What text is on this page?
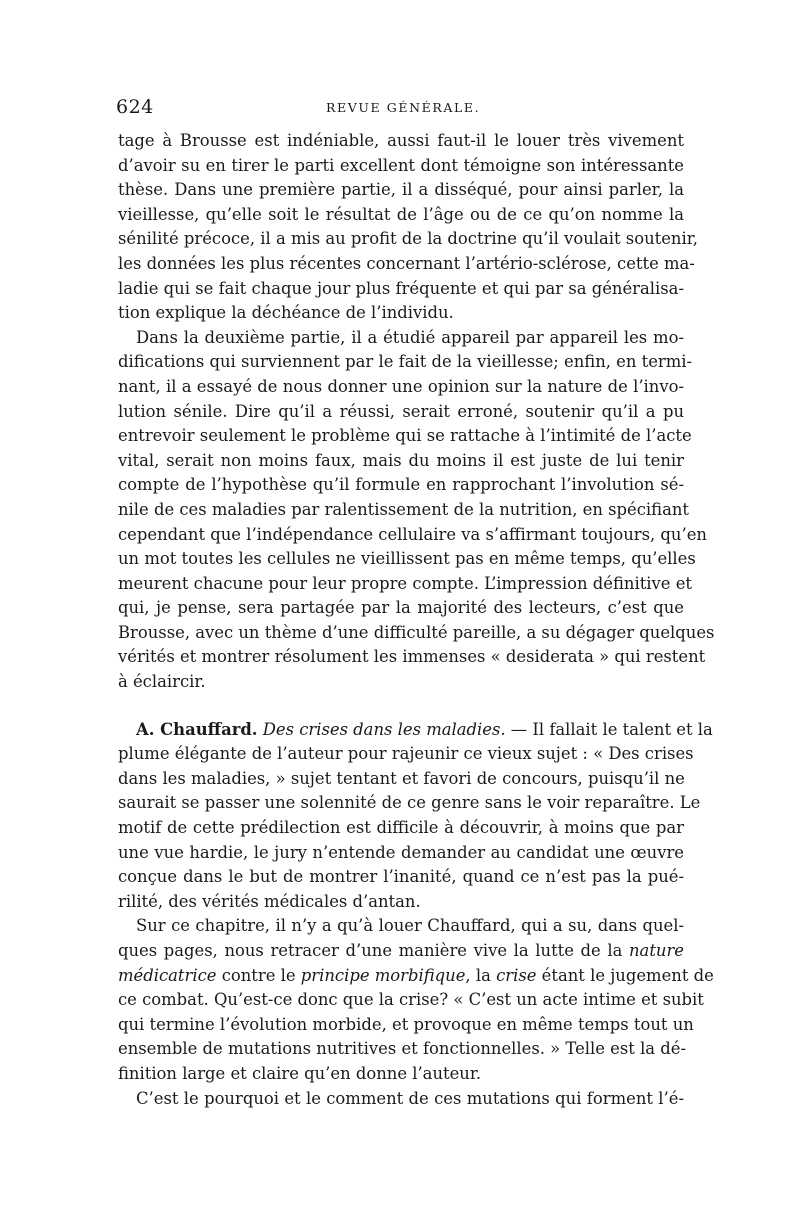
624	REVUE GÉNÉRALE.
tage à Brousse est indéniable, aussi faut-il le louer très vivement
d’avoir su en tirer le parti excellent dont témoigne son intéressante
thèse. Dans une première partie, il a disséqué, pour ainsi parler, la
vieillesse, qu’elle soit le résultat de l’âge ou de ce qu’on nomme la
sénilité précoce, il a mis au profit de la doctrine qu’il voulait soutenir,
les données les plus récentes concernant l’artério-sclérose, cette ma-
ladie qui se fait chaque jour plus fréquente et qui par sa généralisa-
tion explique la déchéance de l’individu.
Dans la deuxième partie, il a étudié appareil par appareil les mo-
difications qui surviennent par le fait de la vieillesse; enfin, en termi-
nant, il a essayé de nous donner une opinion sur la nature de l’invo-
lution sénile. Dire qu’il a réussi, serait erroné, soutenir qu’il a pu
entrevoir seulement le problème qui se rattache à l’intimité de l’acte
vital, serait non moins faux, mais du moins il est juste de lui tenir
compte de l’hypothèse qu’il formule en rapprochant l’involution sé-
nile de ces maladies par ralentissement de la nutrition, en spécifiant
cependant que l’indépendance cellulaire va s’affirmant toujours, qu’en
un mot toutes les cellules ne vieillissent pas en même temps, qu’elles
meurent chacune pour leur propre compte. L’impression définitive et
qui, je pense, sera partagée par la majorité des lecteurs, c’est que
Brousse, avec un thème d’une difficulté pareille, a su dégager quelques
vérités et montrer résolument les immenses « desiderata » qui restent
à éclaircir.
A. Chauffard. Des crises dans les maladies. — Il fallait le talent et la
plume élégante de l’auteur pour rajeunir ce vieux sujet : « Des crises
dans les maladies, » sujet tentant et favori de concours, puisqu’il ne
saurait se passer une solennité de ce genre sans le voir reparaître. Le
motif de cette prédilection est difficile à découvrir, à moins que par
une vue hardie, le jury n’entende demander au candidat une œuvre
conçue dans le but de montrer l’inanité, quand ce n’est pas la pué-
rilité, des vérités médicales d’antan.
Sur ce chapitre, il n’y a qu’à louer Chauffard, qui a su, dans quel-
ques pages, nous retracer d’une manière vive la lutte de la nature
médicatrice contre le principe morbifique, la crise étant le jugement de
ce combat. Qu’est-ce donc que la crise? « C’est un acte intime et subit
qui termine l’évolution morbide, et provoque en même temps tout un
ensemble de mutations nutritives et fonctionnelles. » Telle est la dé-
finition large et claire qu’en donne l’auteur.
C’est le pourquoi et le comment de ces mutations qui forment l’é-
